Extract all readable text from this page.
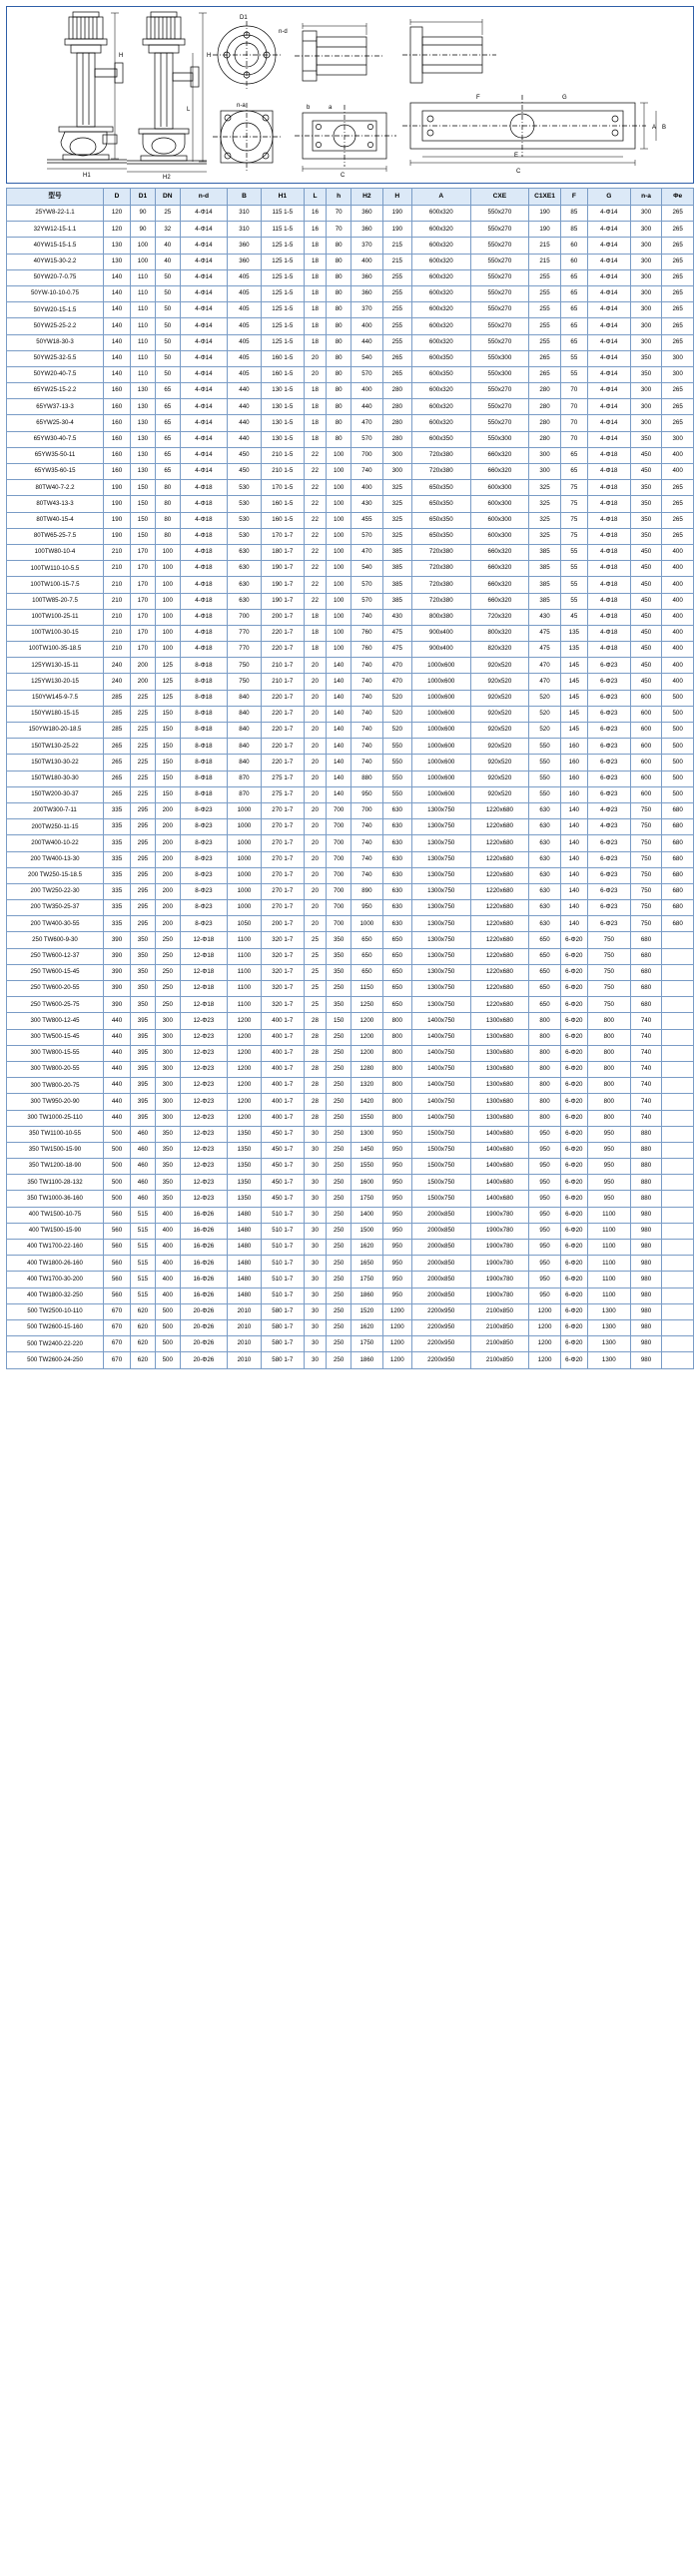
H	H
L
H1	H2
D1
n-d
n-a	b	a
C
F	G
C
E
A B
型号	D	D1	DN	n-d	B	H1	L	h	H2	H	A	CXE	C1XE1	F	G	n-a	Φe
25YW8-22-1.1	120	90	25	4-Φ14	310	115 1-5	16	70	360	190	600x320	550x270	190	85	4-Φ14	300	265
32YW12-15-1.1	120	90	32	4-Φ14	310	115 1-5	16	70	360	190	600x320	550x270	190	85	4-Φ14	300	265
40YW15-15-1.5	130	100	40	4-Φ14	360	125 1-5	18	80	370	215	600x320	550x270	215	60	4-Φ14	300	265
40YW15-30-2.2	130	100	40	4-Φ14	360	125 1-5	18	80	400	215	600x320	550x270	215	60	4-Φ14	300	265
50YW20-7-0.75	140	110	50	4-Φ14	405	125 1-5	18	80	360	255	600x320	550x270	255	65	4-Φ14	300	265
50YW-10-10-0.75	140	110	50	4-Φ14	405	125 1-5	18	80	360	255	600x320	550x270	255	65	4-Φ14	300	265
50YW20-15-1.5	140	110	50	4-Φ14	405	125 1-5	18	80	370	255	600x320	550x270	255	65	4-Φ14	300	265
50YW25-25-2.2	140	110	50	4-Φ14	405	125 1-5	18	80	400	255	600x320	550x270	255	65	4-Φ14	300	265
50YW18-30-3	140	110	50	4-Φ14	405	125 1-5	18	80	440	255	600x320	550x270	255	65	4-Φ14	300	265
50YW25-32-5.5	140	110	50	4-Φ14	405	160 1-5	20	80	540	265	600x350	550x300	265	55	4-Φ14	350	300
50YW20-40-7.5	140	110	50	4-Φ14	405	160 1-5	20	80	570	265	600x350	550x300	265	55	4-Φ14	350	300
65YW25-15-2.2	160	130	65	4-Φ14	440	130 1-5	18	80	400	280	600x320	550x270	280	70	4-Φ14	300	265
65YW37-13-3	160	130	65	4-Φ14	440	130 1-5	18	80	440	280	600x320	550x270	280	70	4-Φ14	300	265
65YW25-30-4	160	130	65	4-Φ14	440	130 1-5	18	80	470	280	600x320	550x270	280	70	4-Φ14	300	265
65YW30-40-7.5	160	130	65	4-Φ14	440	130 1-5	18	80	570	280	600x350	550x300	280	70	4-Φ14	350	300
65YW35-50-11	160	130	65	4-Φ14	450	210 1-5	22	100	700	300	720x380	660x320	300	65	4-Φ18	450	400
65YW35-60-15	160	130	65	4-Φ14	450	210 1-5	22	100	740	300	720x380	660x320	300	65	4-Φ18	450	400
80TW40-7-2.2	190	150	80	4-Φ18	530	170 1-5	22	100	400	325	650x350	600x300	325	75	4-Φ18	350	265
80TW43-13-3	190	150	80	4-Φ18	530	160 1-5	22	100	430	325	650x350	600x300	325	75	4-Φ18	350	265
80TW40-15-4	190	150	80	4-Φ18	530	160 1-5	22	100	455	325	650x350	600x300	325	75	4-Φ18	350	265
80TW65-25-7.5	190	150	80	4-Φ18	530	170 1-7	22	100	570	325	650x350	600x300	325	75	4-Φ18	350	265
100TW80-10-4	210	170	100	4-Φ18	630	180 1-7	22	100	470	385	720x380	660x320	385	55	4-Φ18	450	400
100TW110-10-5.5	210	170	100	4-Φ18	630	190 1-7	22	100	540	385	720x380	660x320	385	55	4-Φ18	450	400
100TW100-15-7.5	210	170	100	4-Φ18	630	190 1-7	22	100	570	385	720x380	660x320	385	55	4-Φ18	450	400
100TW85-20-7.5	210	170	100	4-Φ18	630	190 1-7	22	100	570	385	720x380	660x320	385	55	4-Φ18	450	400
100TW100-25-11	210	170	100	4-Φ18	700	200 1-7	18	100	740	430	800x380	720x320	430	45	4-Φ18	450	400
100TW100-30-15	210	170	100	4-Φ18	770	220 1-7	18	100	760	475	900x400	800x320	475	135	4-Φ18	450	400
100TW100-35-18.5	210	170	100	4-Φ18	770	220 1-7	18	100	760	475	900x400	820x320	475	135	4-Φ18	450	400
125YW130-15-11	240	200	125	8-Φ18	750	210 1-7	20	140	740	470	1000x600	920x520	470	145	6-Φ23	450	400
125YW130-20-15	240	200	125	8-Φ18	750	210 1-7	20	140	740	470	1000x600	920x520	470	145	6-Φ23	450	400
150YW145-9-7.5	285	225	125	8-Φ18	840	220 1-7	20	140	740	520	1000x600	920x520	520	145	6-Φ23	600	500
150YW180-15-15	285	225	150	8-Φ18	840	220 1-7	20	140	740	520	1000x600	920x520	520	145	6-Φ23	600	500
150YW180-20-18.5	285	225	150	8-Φ18	840	220 1-7	20	140	740	520	1000x600	920x520	520	145	6-Φ23	600	500
150TW130-25-22	265	225	150	8-Φ18	840	220 1-7	20	140	740	550	1000x600	920x520	550	160	6-Φ23	600	500
150TW130-30-22	265	225	150	8-Φ18	840	220 1-7	20	140	740	550	1000x600	920x520	550	160	6-Φ23	600	500
150TW180-30-30	265	225	150	8-Φ18	870	275 1-7	20	140	880	550	1000x600	920x520	550	160	6-Φ23	600	500
150TW200-30-37	265	225	150	8-Φ18	870	275 1-7	20	140	950	550	1000x600	920x520	550	160	6-Φ23	600	500
200TW300-7-11	335	295	200	8-Φ23	1000	270 1-7	20	700	700	630	1300x750	1220x680	630	140	4-Φ23	750	680
200TW250-11-15	335	295	200	8-Φ23	1000	270 1-7	20	700	740	630	1300x750	1220x680	630	140	4-Φ23	750	680
200TW400-10-22	335	295	200	8-Φ23	1000	270 1-7	20	700	740	630	1300x750	1220x680	630	140	6-Φ23	750	680
200 TW400-13-30	335	295	200	8-Φ23	1000	270 1-7	20	700	740	630	1300x750	1220x680	630	140	6-Φ23	750	680
200 TW250-15-18.5	335	295	200	8-Φ23	1000	270 1-7	20	700	740	630	1300x750	1220x680	630	140	6-Φ23	750	680
200 TW250-22-30	335	295	200	8-Φ23	1000	270 1-7	20	700	890	630	1300x750	1220x680	630	140	6-Φ23	750	680
200 TW350-25-37	335	295	200	8-Φ23	1000	270 1-7	20	700	950	630	1300x750	1220x680	630	140	6-Φ23	750	680
200 TW400-30-55	335	295	200	8-Φ23	1050	200 1-7	20	700	1000	630	1300x750	1220x680	630	140	6-Φ23	750	680
250 TW600-9-30	390	350	250	12-Φ18	1100	320 1-7	25	350	650	650	1300x750	1220x680	650	6-Φ20	750	680	
250 TW600-12-37	390	350	250	12-Φ18	1100	320 1-7	25	350	650	650	1300x750	1220x680	650	6-Φ20	750	680	
250 TW600-15-45	390	350	250	12-Φ18	1100	320 1-7	25	350	650	650	1300x750	1220x680	650	6-Φ20	750	680	
250 TW600-20-55	390	350	250	12-Φ18	1100	320 1-7	25	250	1150	650	1300x750	1220x680	650	6-Φ20	750	680	
250 TW600-25-75	390	350	250	12-Φ18	1100	320 1-7	25	350	1250	650	1300x750	1220x680	650	6-Φ20	750	680	
300 TW800-12-45	440	395	300	12-Φ23	1200	400 1-7	28	150	1200	800	1400x750	1300x680	800	6-Φ20	800	740	
300 TW500-15-45	440	395	300	12-Φ23	1200	400 1-7	28	250	1200	800	1400x750	1300x680	800	6-Φ20	800	740	
300 TW800-15-55	440	395	300	12-Φ23	1200	400 1-7	28	250	1200	800	1400x750	1300x680	800	6-Φ20	800	740	
300 TW800-20-55	440	395	300	12-Φ23	1200	400 1-7	28	250	1280	800	1400x750	1300x680	800	6-Φ20	800	740	
300 TW800-20-75	440	395	300	12-Φ23	1200	400 1-7	28	250	1320	800	1400x750	1300x680	800	6-Φ20	800	740	
300 TW950-20-90	440	395	300	12-Φ23	1200	400 1-7	28	250	1420	800	1400x750	1300x680	800	6-Φ20	800	740	
300 TW1000-25-110	440	395	300	12-Φ23	1200	400 1-7	28	250	1550	800	1400x750	1300x680	800	6-Φ20	800	740	
350 TW1100-10-55	500	460	350	12-Φ23	1350	450 1-7	30	250	1300	950	1500x750	1400x680	950	6-Φ20	950	880	
350 TW1500-15-90	500	460	350	12-Φ23	1350	450 1-7	30	250	1450	950	1500x750	1400x680	950	6-Φ20	950	880	
350 TW1200-18-90	500	460	350	12-Φ23	1350	450 1-7	30	250	1550	950	1500x750	1400x680	950	6-Φ20	950	880	
350 TW1100-28-132	500	460	350	12-Φ23	1350	450 1-7	30	250	1600	950	1500x750	1400x680	950	6-Φ20	950	880	
350 TW1000-36-160	500	460	350	12-Φ23	1350	450 1-7	30	250	1750	950	1500x750	1400x680	950	6-Φ20	950	880	
400 TW1500-10-75	560	515	400	16-Φ26	1480	510 1-7	30	250	1400	950	2000x850	1900x780	950	6-Φ20	1100	980	
400 TW1500-15-90	560	515	400	16-Φ26	1480	510 1-7	30	250	1500	950	2000x850	1900x780	950	6-Φ20	1100	980	
400 TW1700-22-160	560	515	400	16-Φ26	1480	510 1-7	30	250	1620	950	2000x850	1900x780	950	6-Φ20	1100	980	
400 TW1800-26-160	560	515	400	16-Φ26	1480	510 1-7	30	250	1650	950	2000x850	1900x780	950	6-Φ20	1100	980	
400 TW1700-30-200	560	515	400	16-Φ26	1480	510 1-7	30	250	1750	950	2000x850	1900x780	950	6-Φ20	1100	980	
400 TW1800-32-250	560	515	400	16-Φ26	1480	510 1-7	30	250	1860	950	2000x850	1900x780	950	6-Φ20	1100	980	
500 TW2500-10-110	670	620	500	20-Φ26	2010	580 1-7	30	250	1520	1200	2200x950	2100x850	1200	6-Φ20	1300	980	
500 TW2600-15-160	670	620	500	20-Φ26	2010	580 1-7	30	250	1620	1200	2200x950	2100x850	1200	6-Φ20	1300	980	
500 TW2400-22-220	670	620	500	20-Φ26	2010	580 1-7	30	250	1750	1200	2200x950	2100x850	1200	6-Φ20	1300	980	
500 TW2600-24-250	670	620	500	20-Φ26	2010	580 1-7	30	250	1860	1200	2200x950	2100x850	1200	6-Φ20	1300	980	
